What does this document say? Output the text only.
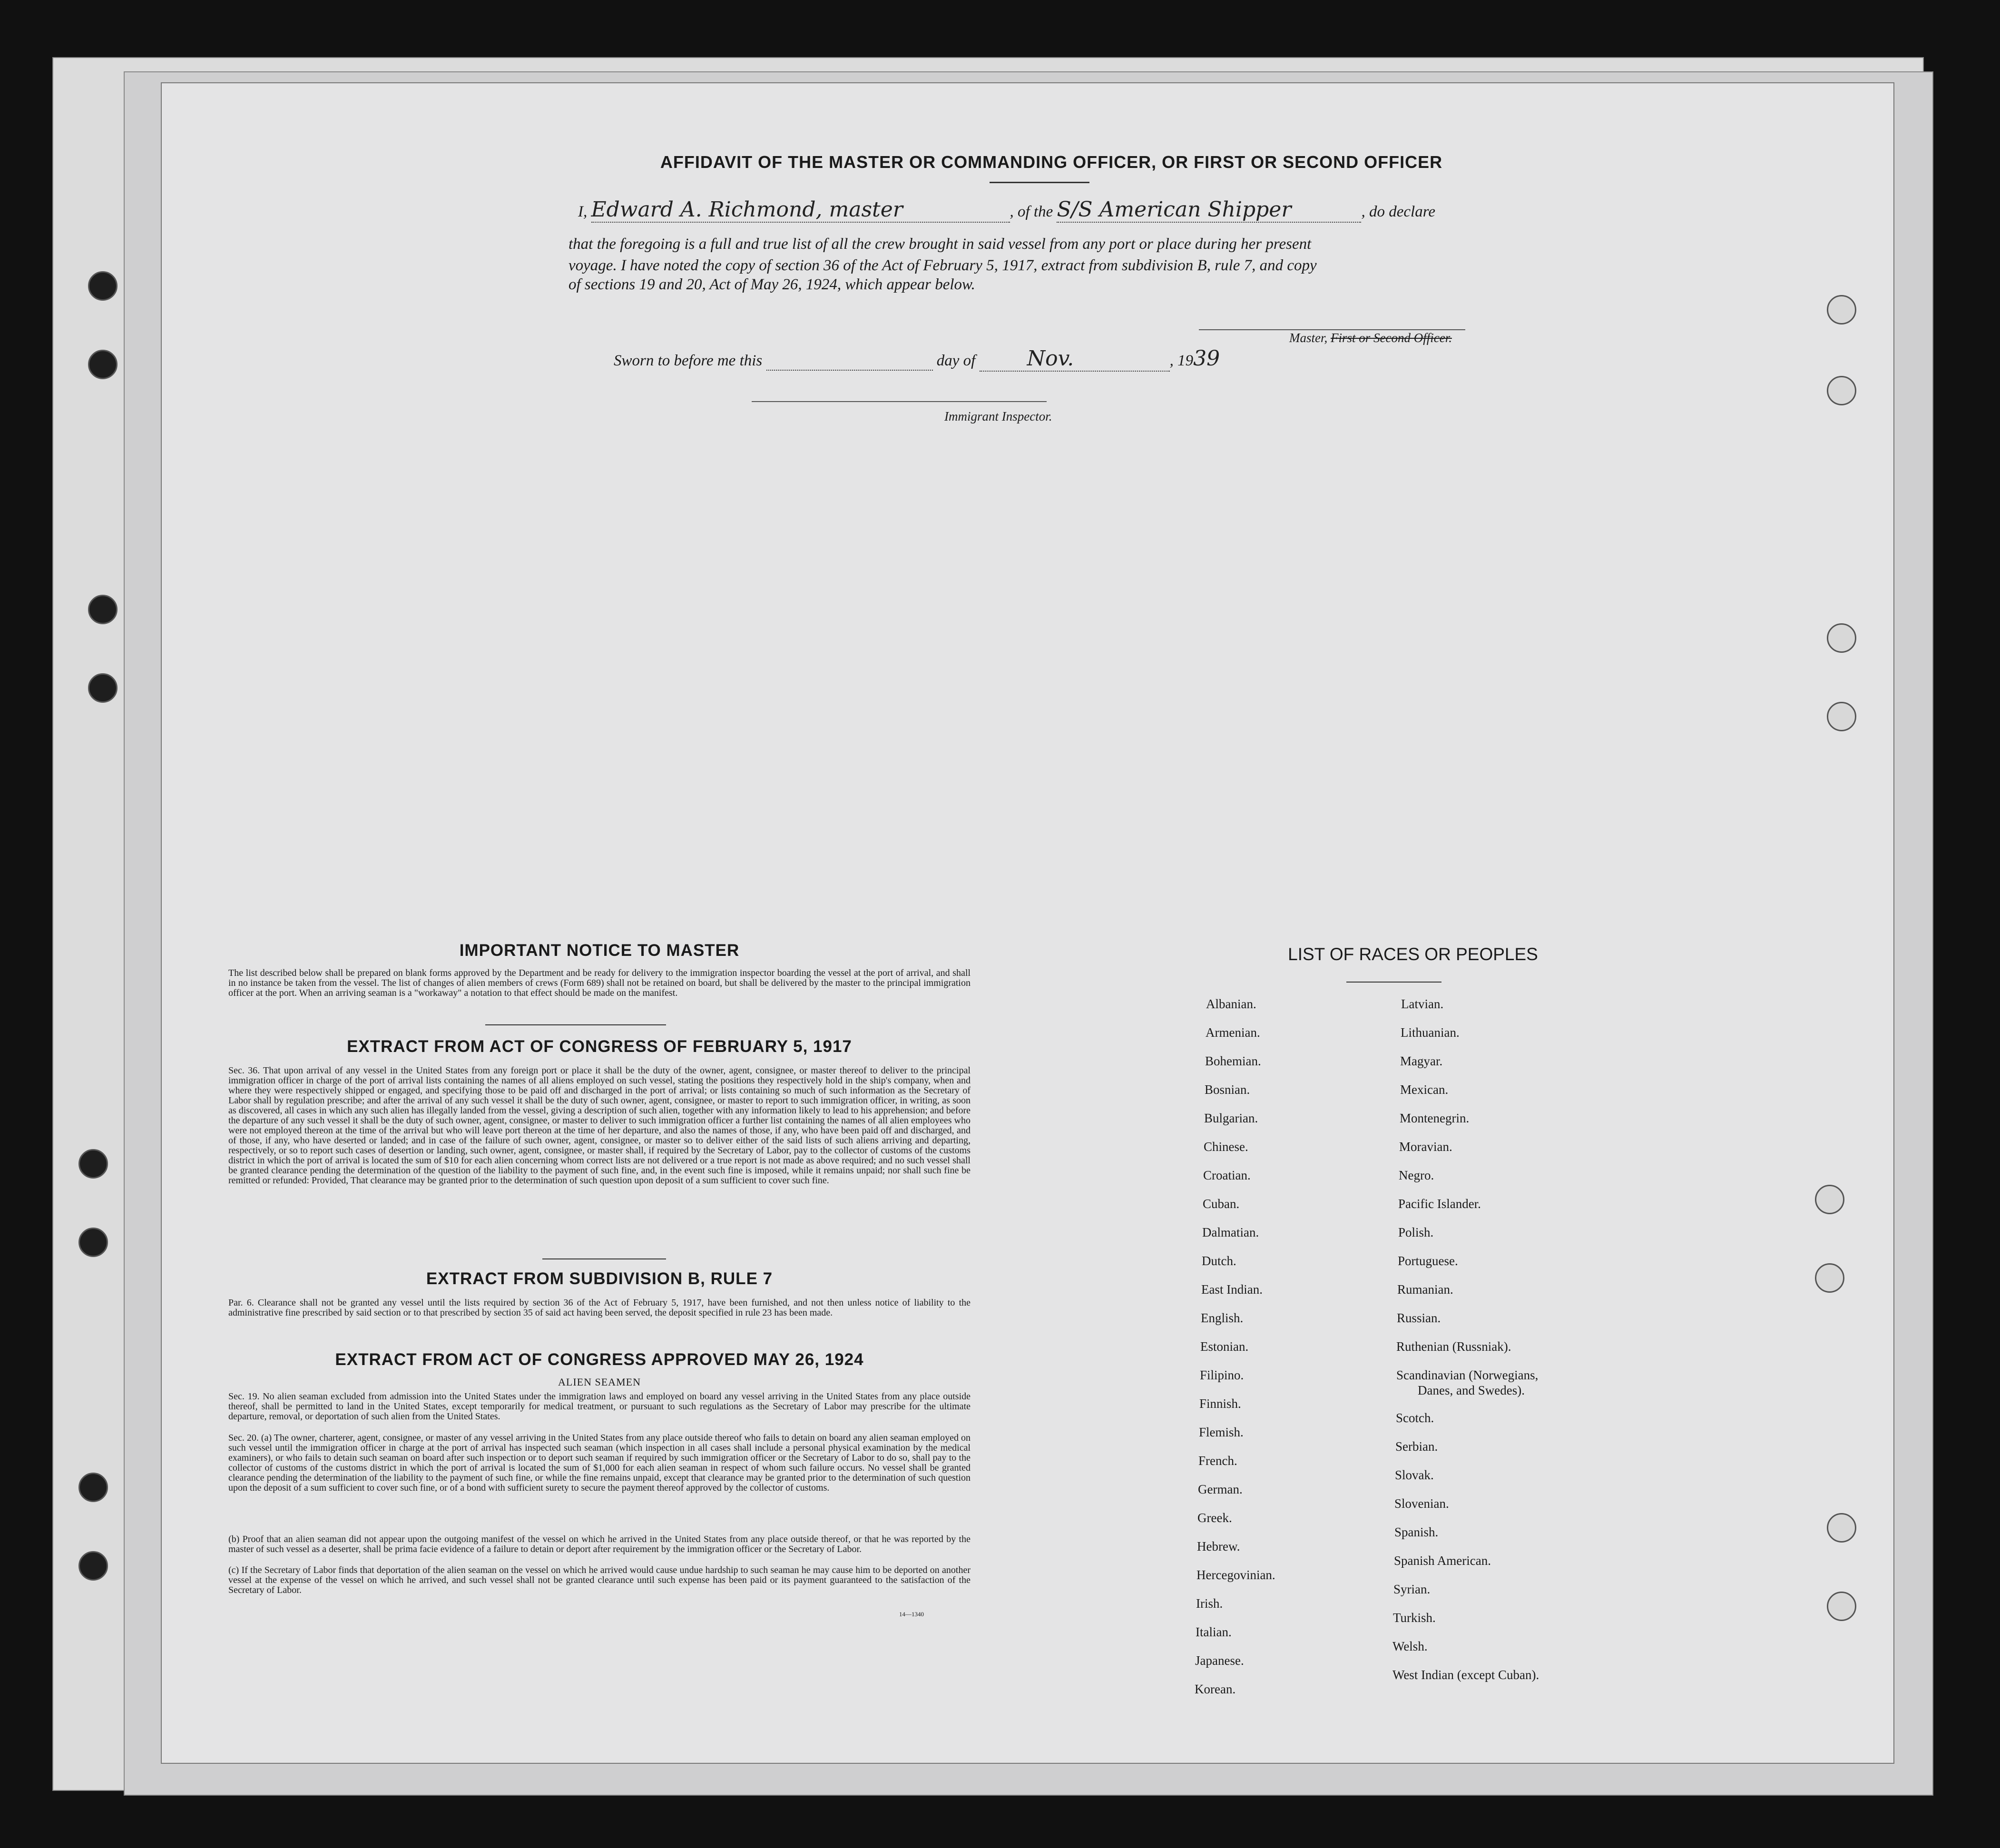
AFFIDAVIT OF THE MASTER OR COMMANDING OFFICER, OR FIRST OR SECOND OFFICER
I, Edward A. Richmond, master	, of the S/S American Shipper	, do declare
that the foregoing is a full and true list of all the crew brought in said vessel from any port or place during her present
voyage. I have noted the copy of section 36 of the Act of February 5, 1917, extract from subdivision B, rule 7, and copy
of sections 19 and 20, Act of May 26, 1924, which appear below.
Master, First or Second Officer.
Sworn to before me this	day of Nov.	, 1939
Immigrant Inspector.
IMPORTANT NOTICE TO MASTER
The list described below shall be prepared on blank forms approved by the Department and be ready for delivery to the immigration inspector boarding the vessel at the port of arrival, and shall in no instance be taken from the vessel. The list of changes of alien members of crews (Form 689) shall not be retained on board, but shall be delivered by the master to the principal immigration officer at the port. When an arriving seaman is a "workaway" a notation to that effect should be made on the manifest.
EXTRACT FROM ACT OF CONGRESS OF FEBRUARY 5, 1917
Sec. 36. That upon arrival of any vessel in the United States from any foreign port or place it shall be the duty of the owner, agent, consignee, or master thereof to deliver to the principal immigration officer in charge of the port of arrival lists containing the names of all aliens employed on such vessel, stating the positions they respectively hold in the ship's company, when and where they were respectively shipped or engaged, and specifying those to be paid off and discharged in the port of arrival; or lists containing so much of such information as the Secretary of Labor shall by regulation prescribe; and after the arrival of any such vessel it shall be the duty of such owner, agent, consignee, or master to report to such immigration officer, in writing, as soon as discovered, all cases in which any such alien has illegally landed from the vessel, giving a description of such alien, together with any information likely to lead to his apprehension; and before the departure of any such vessel it shall be the duty of such owner, agent, consignee, or master to deliver to such immigration officer a further list containing the names of all alien employees who were not employed thereon at the time of the arrival but who will leave port thereon at the time of her departure, and also the names of those, if any, who have been paid off and discharged, and of those, if any, who have deserted or landed; and in case of the failure of such owner, agent, consignee, or master so to deliver either of the said lists of such aliens arriving and departing, respectively, or so to report such cases of desertion or landing, such owner, agent, consignee, or master shall, if required by the Secretary of Labor, pay to the collector of customs of the customs district in which the port of arrival is located the sum of $10 for each alien concerning whom correct lists are not delivered or a true report is not made as above required; and no such vessel shall be granted clearance pending the determination of the question of the liability to the payment of such fine, and, in the event such fine is imposed, while it remains unpaid; nor shall such fine be remitted or refunded: Provided, That clearance may be granted prior to the determination of such question upon deposit of a sum sufficient to cover such fine.
EXTRACT FROM SUBDIVISION B, RULE 7
Par. 6. Clearance shall not be granted any vessel until the lists required by section 36 of the Act of February 5, 1917, have been furnished, and not then unless notice of liability to the administrative fine prescribed by said section or to that prescribed by section 35 of said act having been served, the deposit specified in rule 23 has been made.
EXTRACT FROM ACT OF CONGRESS APPROVED MAY 26, 1924
ALIEN SEAMEN
Sec. 19. No alien seaman excluded from admission into the United States under the immigration laws and employed on board any vessel arriving in the United States from any place outside thereof, shall be permitted to land in the United States, except temporarily for medical treatment, or pursuant to such regulations as the Secretary of Labor may prescribe for the ultimate departure, removal, or deportation of such alien from the United States.
Sec. 20. (a) The owner, charterer, agent, consignee, or master of any vessel arriving in the United States from any place outside thereof who fails to detain on board any alien seaman employed on such vessel until the immigration officer in charge at the port of arrival has inspected such seaman (which inspection in all cases shall include a personal physical examination by the medical examiners), or who fails to detain such seaman on board after such inspection or to deport such seaman if required by such immigration officer or the Secretary of Labor to do so, shall pay to the collector of customs of the customs district in which the port of arrival is located the sum of $1,000 for each alien seaman in respect of whom such failure occurs. No vessel shall be granted clearance pending the determination of the liability to the payment of such fine, or while the fine remains unpaid, except that clearance may be granted prior to the determination of such question upon the deposit of a sum sufficient to cover such fine, or of a bond with sufficient surety to secure the payment thereof approved by the collector of customs.
(b) Proof that an alien seaman did not appear upon the outgoing manifest of the vessel on which he arrived in the United States from any place outside thereof, or that he was reported by the master of such vessel as a deserter, shall be prima facie evidence of a failure to detain or deport after requirement by the immigration officer or the Secretary of Labor.
(c) If the Secretary of Labor finds that deportation of the alien seaman on the vessel on which he arrived would cause undue hardship to such seaman he may cause him to be deported on another vessel at the expense of the vessel on which he arrived, and such vessel shall not be granted clearance until such expense has been paid or its payment guaranteed to the satisfaction of the Secretary of Labor.
14—1340
LIST OF RACES OR PEOPLES
Albanian.
Armenian.
Bohemian.
Bosnian.
Bulgarian.
Chinese.
Croatian.
Cuban.
Dalmatian.
Dutch.
East Indian.
English.
Estonian.
Filipino.
Finnish.
Flemish.
French.
German.
Greek.
Hebrew.
Hercegovinian.
Irish.
Italian.
Japanese.
Korean.
Latvian.
Lithuanian.
Magyar.
Mexican.
Montenegrin.
Moravian.
Negro.
Pacific Islander.
Polish.
Portuguese.
Rumanian.
Russian.
Ruthenian (Russniak).
Scandinavian (Norwegians,
Danes, and Swedes).
Scotch.
Serbian.
Slovak.
Slovenian.
Spanish.
Spanish American.
Syrian.
Turkish.
Welsh.
West Indian (except Cuban).
